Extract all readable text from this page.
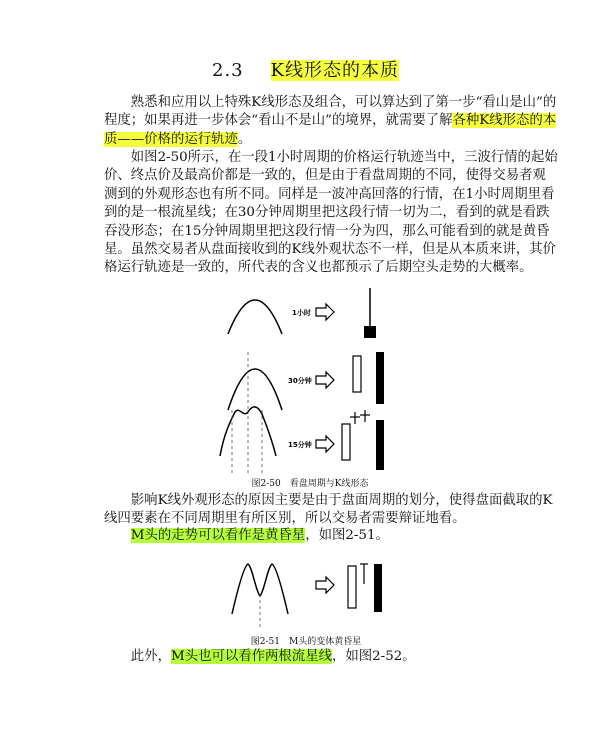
2.3 K线形态的本质
熟悉和应用以上特殊K线形态及组合，可以算达到了第一步“看山是山”的程度；如果再进一步体会“看山不是山”的境界，就需要了解各种K线形态的本质——价格的运行轨迹。
如图2-50所示，在一段1小时周期的价格运行轨迹当中，三波行情的起始价、终点价及最高价都是一致的，但是由于看盘周期的不同，使得交易者观测到的外观形态也有所不同。同样是一波冲高回落的行情，在1小时周期里看到的是一根流星线；在30分钟周期里把这段行情一切为二，看到的就是看跌吞没形态；在15分钟周期里把这段行情一分为四，那么可能看到的就是黄昏星。虽然交易者从盘面接收到的K线外观状态不一样，但是从本质来讲，其价格运行轨迹是一致的，所代表的含义也都预示了后期空头走势的大概率。
1小时
30分钟
15分钟
图2-50　看盘周期与K线形态
影响K线外观形态的原因主要是由于盘面周期的划分，使得盘面截取的K线四要素在不同周期里有所区别，所以交易者需要辩证地看。
M头的走势可以看作是黄昏星，如图2-51。
图2-51　M头的变体黄昏星
此外，M头也可以看作两根流星线，如图2-52。
